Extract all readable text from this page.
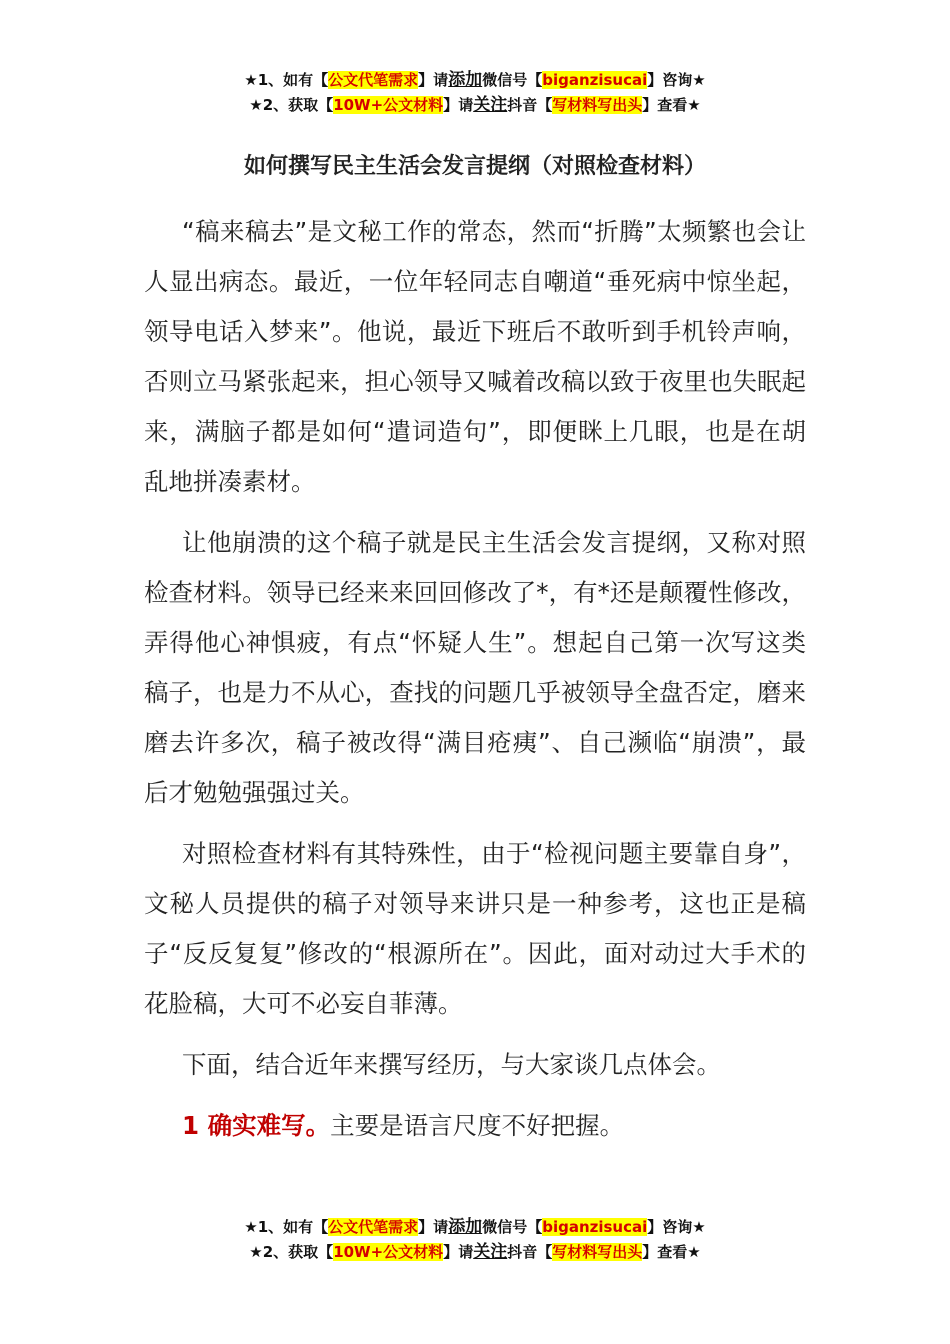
★1、如有【公文代笔需求】请添加微信号【biganzisucai】咨询★
★2、获取【10W+公文材料】请关注抖音【写材料写出头】查看★
如何撰写民主生活会发言提纲（对照检查材料）

“稿来稿去”是文秘工作的常态，然而“折腾”太频繁也会让人显出病态。最近，一位年轻同志自嘲道“垂死病中惊坐起，领导电话入梦来”。他说，最近下班后不敢听到手机铃声响，否则立马紧张起来，担心领导又喊着改稿以致于夜里也失眠起来，满脑子都是如何“遣词造句”，即便眯上几眼，也是在胡乱地拼凑素材。

让他崩溃的这个稿子就是民主生活会发言提纲，又称对照检查材料。领导已经来来回回修改了*，有*还是颠覆性修改，弄得他心神惧疲，有点“怀疑人生”。想起自己第一次写这类稿子，也是力不从心，查找的问题几乎被领导全盘否定，磨来磨去许多次，稿子被改得“满目疮痍”、自己濒临“崩溃”，最后才勉勉强强过关。

对照检查材料有其特殊性，由于“检视问题主要靠自身”，文秘人员提供的稿子对领导来讲只是一种参考，这也正是稿子“反反复复”修改的“根源所在”。因此，面对动过大手术的花脸稿，大可不必妄自菲薄。

下面，结合近年来撰写经历，与大家谈几点体会。

1 确实难写。主要是语言尺度不好把握。

★1、如有【公文代笔需求】请添加微信号【biganzisucai】咨询★
★2、获取【10W+公文材料】请关注抖音【写材料写出头】查看★
